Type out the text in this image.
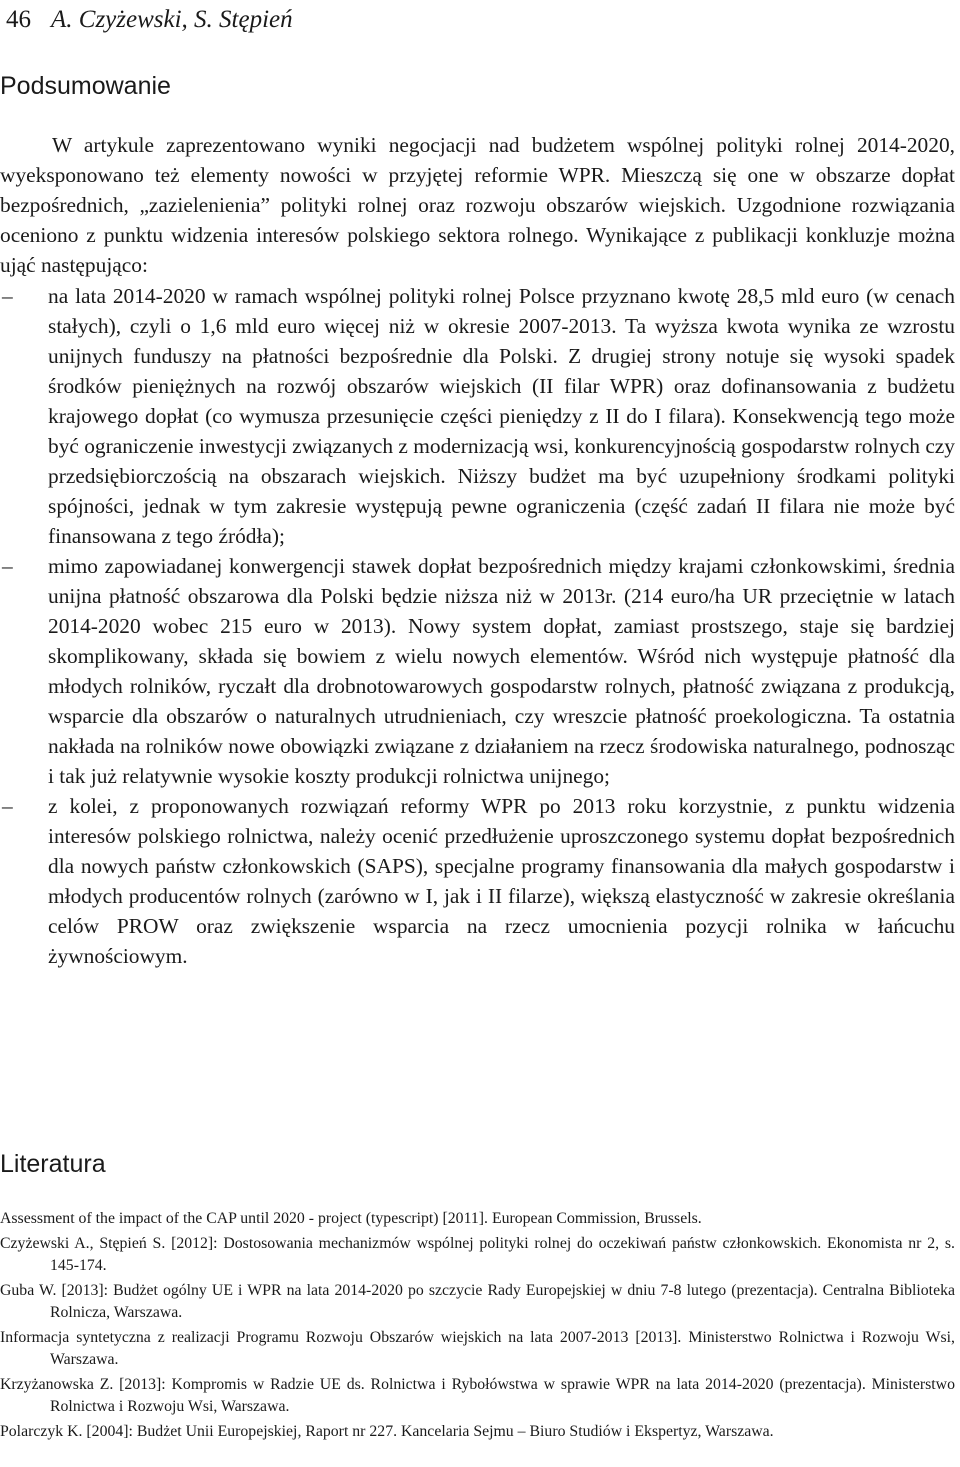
46 A. Czyżewski, S. Stępień
Podsumowanie

W artykule zaprezentowano wyniki negocjacji nad budżetem wspólnej polityki rolnej 2014-2020, wyeksponowano też elementy nowości w przyjętej reformie WPR. Mieszczą się one w obszarze dopłat bezpośrednich, „zazielenienia” polityki rolnej oraz rozwoju obszarów wiejskich. Uzgodnione rozwiązania oceniono z punktu widzenia interesów polskiego sektora rolnego. Wynikające z publikacji konkluzje można ująć następująco:

– na lata 2014-2020 w ramach wspólnej polityki rolnej Polsce przyznano kwotę 28,5 mld euro (w cenach stałych), czyli o 1,6 mld euro więcej niż w okresie 2007-2013. Ta wyższa kwota wynika ze wzrostu unijnych funduszy na płatności bezpośrednie dla Polski. Z drugiej strony notuje się wysoki spadek środków pieniężnych na rozwój obszarów wiejskich (II filar WPR) oraz dofinansowania z budżetu krajowego dopłat (co wymusza przesunięcie części pieniędzy z II do I filara). Konsekwencją tego może być ograniczenie inwestycji związanych z modernizacją wsi, konkurencyjnością gospodarstw rolnych czy przedsiębiorczością na obszarach wiejskich. Niższy budżet ma być uzupełniony środkami polityki spójności, jednak w tym zakresie występują pewne ograniczenia (część zadań II filara nie może być finansowana z tego źródła);
– mimo zapowiadanej konwergencji stawek dopłat bezpośrednich między krajami członkowskimi, średnia unijna płatność obszarowa dla Polski będzie niższa niż w 2013r. (214 euro/ha UR przeciętnie w latach 2014-2020 wobec 215 euro w 2013). Nowy system dopłat, zamiast prostszego, staje się bardziej skomplikowany, składa się bowiem z wielu nowych elementów. Wśród nich występuje płatność dla młodych rolników, ryczałt dla drobnotowarowych gospodarstw rolnych, płatność związana z produkcją, wsparcie dla obszarów o naturalnych utrudnieniach, czy wreszcie płatność proekologiczna. Ta ostatnia nakłada na rolników nowe obowiązki związane z działaniem na rzecz środowiska naturalnego, podnosząc i tak już relatywnie wysokie koszty produkcji rolnictwa unijnego;
– z kolei, z proponowanych rozwiązań reformy WPR po 2013 roku korzystnie, z punktu widzenia interesów polskiego rolnictwa, należy ocenić przedłużenie uproszczonego systemu dopłat bezpośrednich dla nowych państw członkowskich (SAPS), specjalne programy finansowania dla małych gospodarstw i młodych producentów rolnych (zarówno w I, jak i II filarze), większą elastyczność w zakresie określania celów PROW oraz zwiększenie wsparcia na rzecz umocnienia pozycji rolnika w łańcuchu żywnościowym.
Literatura
Assessment of the impact of the CAP until 2020 - project (typescript) [2011]. European Commission, Brussels.
Czyżewski A., Stępień S. [2012]: Dostosowania mechanizmów wspólnej polityki rolnej do oczekiwań państw członkowskich. Ekonomista nr 2, s. 145-174.
Guba W. [2013]: Budżet ogólny UE i WPR na lata 2014-2020 po szczycie Rady Europejskiej w dniu 7-8 lutego (prezentacja). Centralna Biblioteka Rolnicza, Warszawa.
Informacja syntetyczna z realizacji Programu Rozwoju Obszarów wiejskich na lata 2007-2013 [2013]. Ministerstwo Rolnictwa i Rozwoju Wsi, Warszawa.
Krzyżanowska Z. [2013]: Kompromis w Radzie UE ds. Rolnictwa i Rybołówstwa w sprawie WPR na lata 2014-2020 (prezentacja). Ministerstwo Rolnictwa i Rozwoju Wsi, Warszawa.
Polarczyk K. [2004]: Budżet Unii Europejskiej, Raport nr 227. Kancelaria Sejmu – Biuro Studiów i Ekspertyz, Warszawa.
